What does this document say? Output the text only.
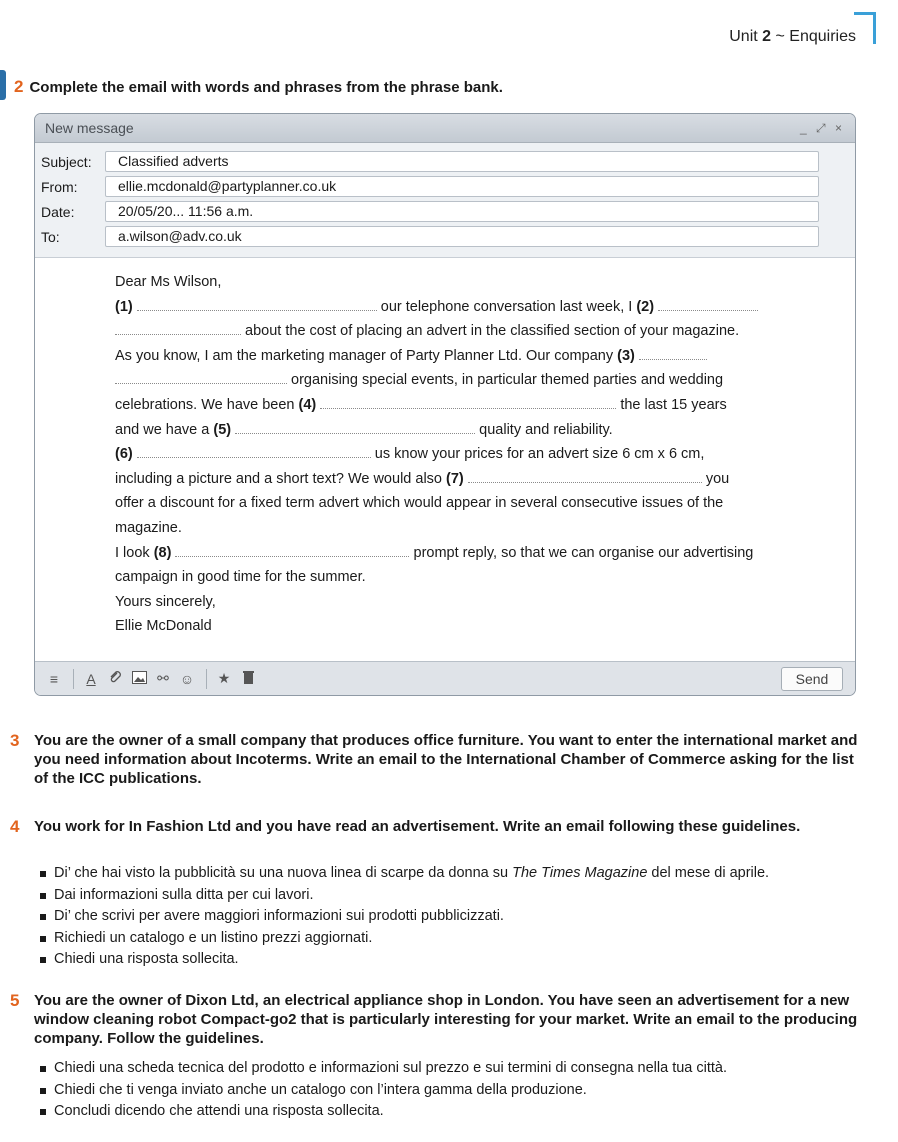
Unit 2 ~ Enquiries
2 Complete the email with words and phrases from the phrase bank.
New message	_ ⤢ ×
Subject:	Classified adverts
From:	ellie.mcdonald@partyplanner.co.uk
Date:	20/05/20... 11:56 a.m.
To:	a.wilson@adv.co.uk

Dear Ms Wilson,

(1)	our telephone conversation last week, I (2)

about the cost of placing an advert in the classified section of your magazine.

As you know, I am the marketing manager of Party Planner Ltd. Our company (3)

organising special events, in particular themed parties and wedding

celebrations. We have been (4)	the last 15 years

and we have a (5)	quality and reliability.

(6)	us know your prices for an advert size 6 cm x 6 cm,

including a picture and a short text? We would also (7)	you

offer a discount for a fixed term advert which would appear in several consecutive issues of the

magazine.

I look (8)	prompt reply, so that we can organise our advertising

campaign in good time for the summer.

Yours sincerely,

Ellie McDonald

≡	A	⚯ ☺	★	Send
3 You are the owner of a small company that produces office furniture. You want to enter the international market and you need information about Incoterms. Write an email to the International Chamber of Commerce asking for the list of the ICC publications.
4 You work for In Fashion Ltd and you have read an advertisement. Write an email following these guidelines.
Di’ che hai visto la pubblicità su una nuova linea di scarpe da donna su The Times Magazine del mese di aprile.
Dai informazioni sulla ditta per cui lavori.
Di’ che scrivi per avere maggiori informazioni sui prodotti pubblicizzati.
Richiedi un catalogo e un listino prezzi aggiornati.
Chiedi una risposta sollecita.
5 You are the owner of Dixon Ltd, an electrical appliance shop in London. You have seen an advertisement for a new window cleaning robot Compact-go2 that is particularly interesting for your market. Write an email to the producing company. Follow the guidelines.
Chiedi una scheda tecnica del prodotto e informazioni sul prezzo e sui termini di consegna nella tua città.
Chiedi che ti venga inviato anche un catalogo con l’intera gamma della produzione.
Concludi dicendo che attendi una risposta sollecita.
